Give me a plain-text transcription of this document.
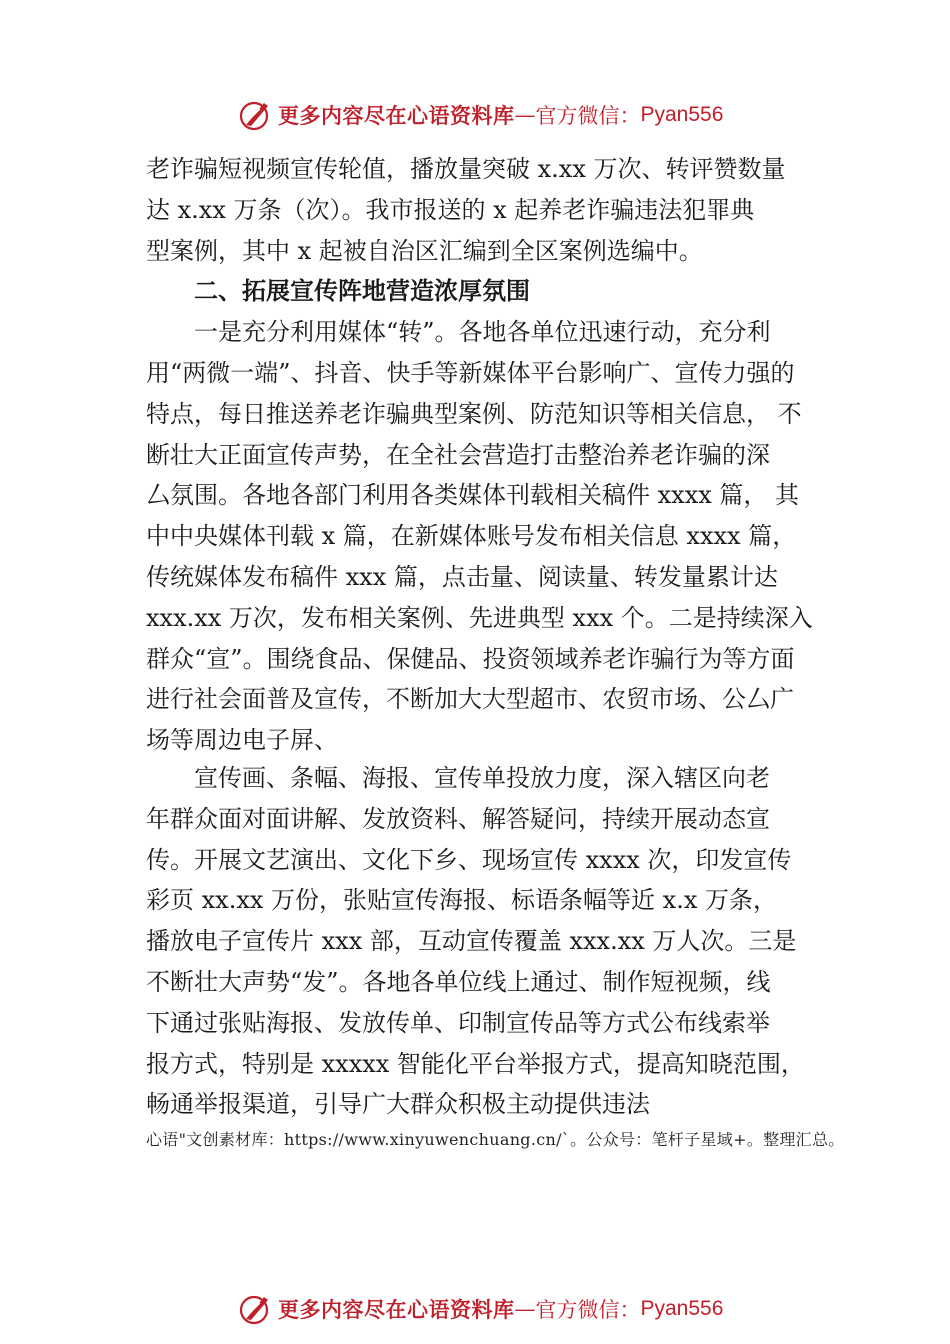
更多内容尽在心语资料库 — 官方微信： Pyan556
老诈骗短视频宣传轮值，播放量突破 x.xx 万次、转评赞数量
达 x.xx 万条（次）。我市报送的 x 起养老诈骗违法犯罪典
型案例，其中 x 起被自治区汇编到全区案例选编中。
二、拓展宣传阵地营造浓厚氛围
一是充分利用媒体“转”。各地各单位迅速行动，充分利
用“两微一端”、抖音、快手等新媒体平台影响广、宣传力强的
特点，每日推送养老诈骗典型案例、防范知识等相关信息， 不
断壮大正面宣传声势，在全社会营造打击整治养老诈骗的深
厶氛围。各地各部门利用各类媒体刊载相关稿件 xxxx 篇， 其
中中央媒体刊载 x 篇，在新媒体账号发布相关信息 xxxx 篇，
传统媒体发布稿件 xxx 篇，点击量、阅读量、转发量累计达
xxx.xx 万次，发布相关案例、先进典型 xxx 个。二是持续深入
群众“宣”。围绕食品、保健品、投资领域养老诈骗行为等方面
进行社会面普及宣传，不断加大大型超市、农贸市场、公厶广
场等周边电子屏、
宣传画、条幅、海报、宣传单投放力度，深入辖区向老
年群众面对面讲解、发放资料、解答疑问，持续开展动态宣
传。开展文艺演出、文化下乡、现场宣传 xxxx 次，印发宣传
彩页 xx.xx 万份，张贴宣传海报、标语条幅等近 x.x 万条，
播放电子宣传片 xxx 部，互动宣传覆盖 xxx.xx 万人次。三是
不断壮大声势“发”。各地各单位线上通过、制作短视频，线
下通过张贴海报、发放传单、印制宣传品等方式公布线索举
报方式，特别是 xxxxx 智能化平台举报方式，提高知晓范围，
畅通举报渠道，引导广大群众积极主动提供违法
心语"文创素材库：https://www.xinyuwenchuang.cn/`。公众号：笔杆子星域+。整理汇总。
更多内容尽在心语资料库 — 官方微信： Pyan556
